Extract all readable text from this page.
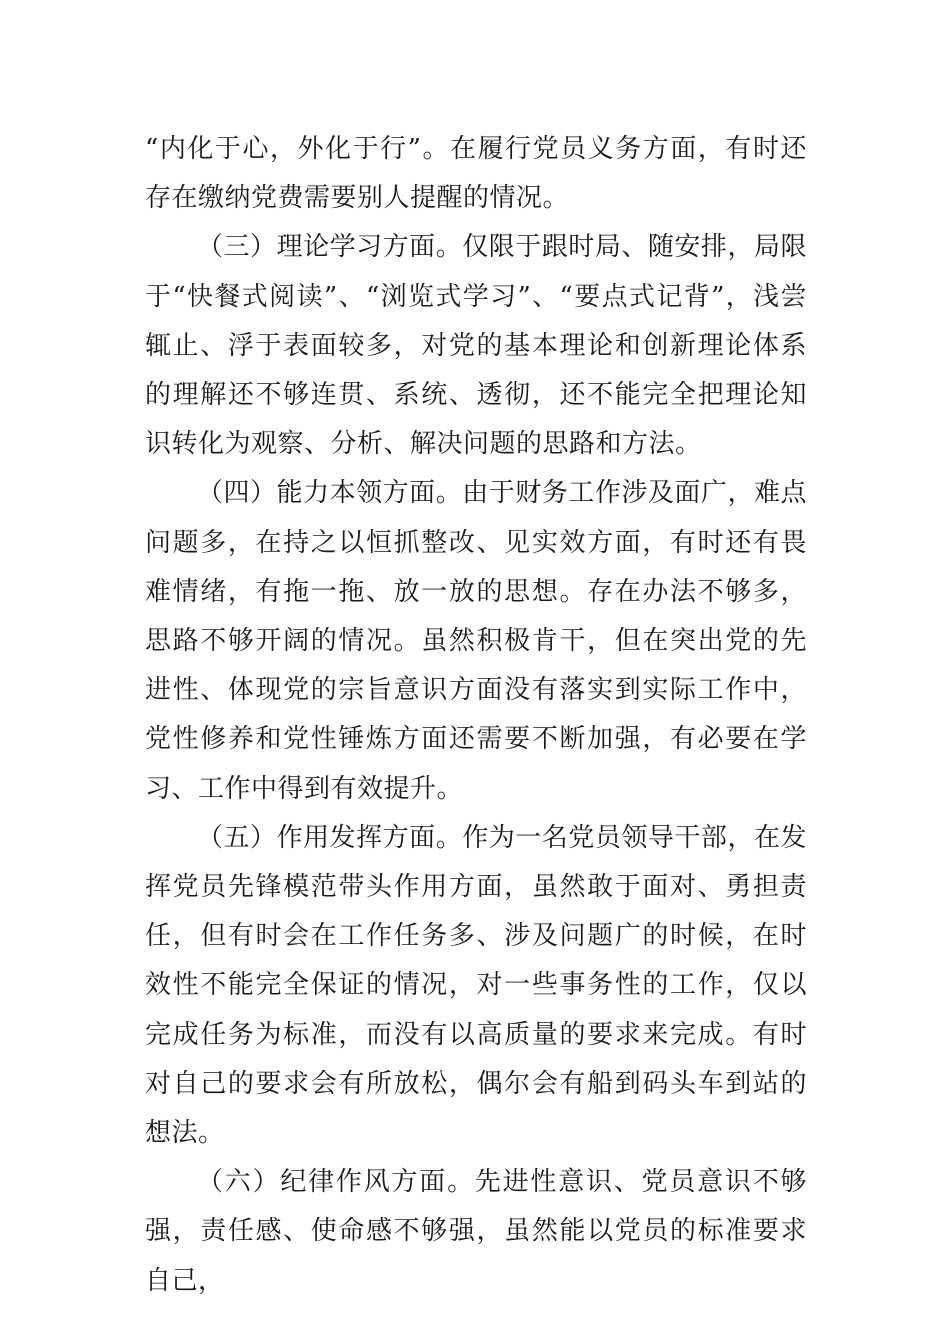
“内化于心，外化于行”。在履行党员义务方面，有时还存在缴纳党费需要别人提醒的情况。

（三）理论学习方面。仅限于跟时局、随安排，局限于“快餐式阅读”、“浏览式学习”、“要点式记背”，浅尝辄止、浮于表面较多，对党的基本理论和创新理论体系的理解还不够连贯、系统、透彻，还不能完全把理论知识转化为观察、分析、解决问题的思路和方法。

（四）能力本领方面。由于财务工作涉及面广，难点问题多，在持之以恒抓整改、见实效方面，有时还有畏难情绪，有拖一拖、放一放的思想。存在办法不够多，思路不够开阔的情况。虽然积极肯干，但在突出党的先进性、体现党的宗旨意识方面没有落实到实际工作中，党性修养和党性锤炼方面还需要不断加强，有必要在学习、工作中得到有效提升。

（五）作用发挥方面。作为一名党员领导干部，在发挥党员先锋模范带头作用方面，虽然敢于面对、勇担责任，但有时会在工作任务多、涉及问题广的时候，在时效性不能完全保证的情况，对一些事务性的工作，仅以完成任务为标准，而没有以高质量的要求来完成。有时对自己的要求会有所放松，偶尔会有船到码头车到站的想法。

（六）纪律作风方面。先进性意识、党员意识不够强，责任感、使命感不够强，虽然能以党员的标准要求自己，
